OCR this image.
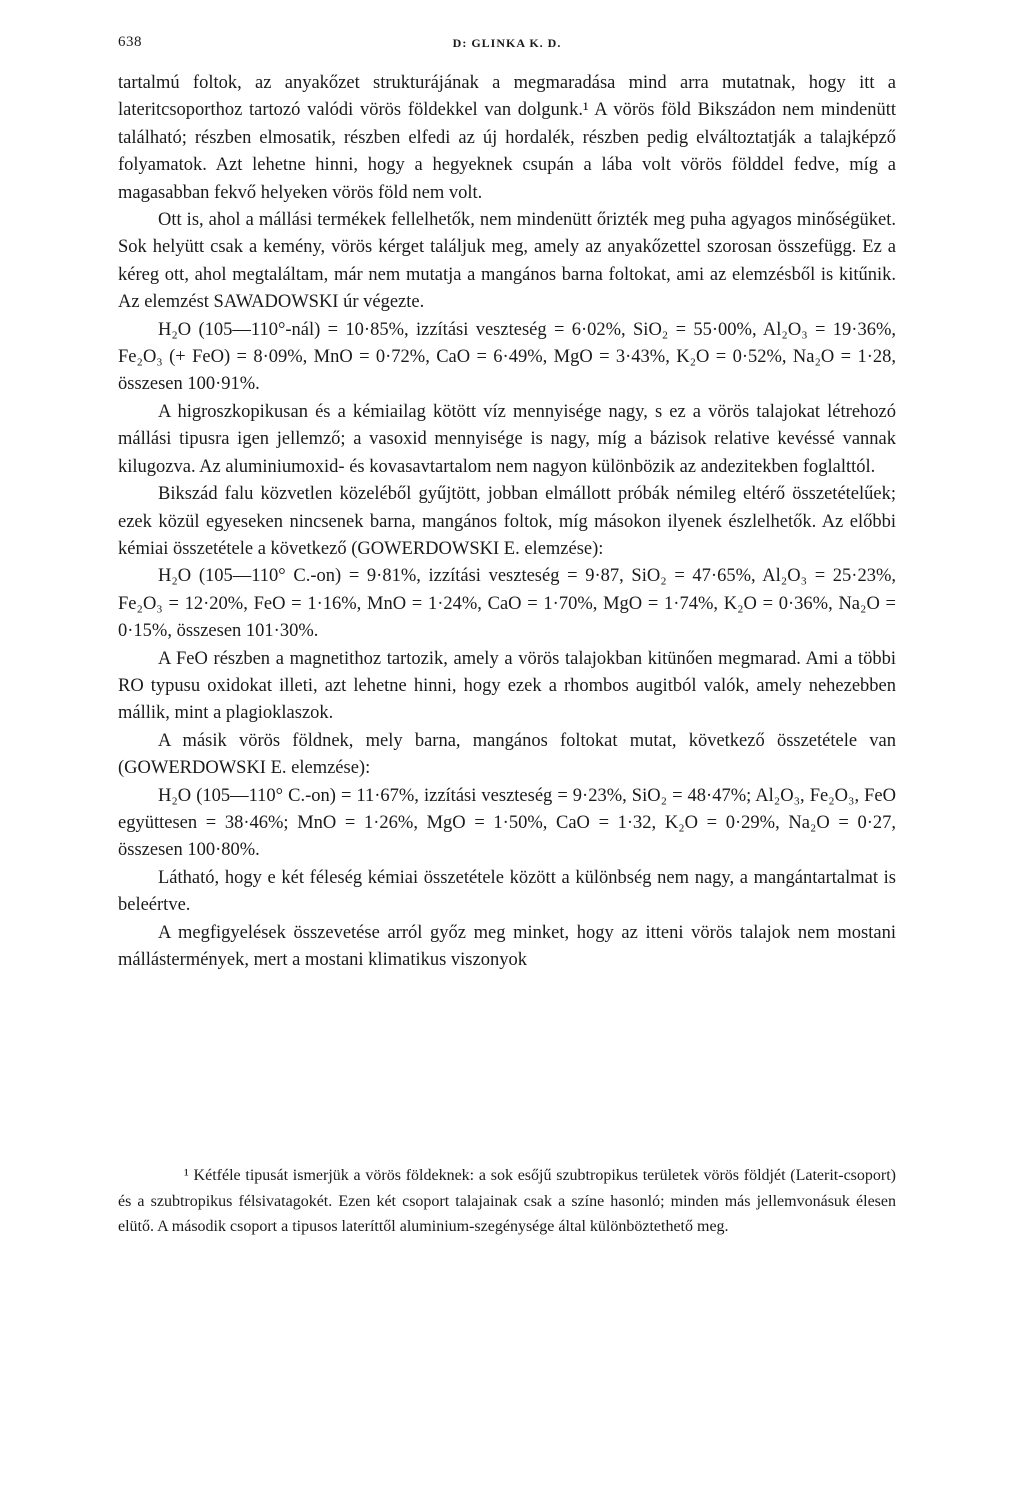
638	D: GLINKA K. D.

tartalmú foltok, az anyakőzet strukturájának a megmaradása mind arra mutatnak, hogy itt a lateritcsoporthoz tartozó valódi vörös földekkel van dolgunk.¹ A vörös föld Bikszádon nem mindenütt található; részben elmosatik, részben elfedi az új hordalék, részben pedig elváltoztatják a talajképző folyamatok. Azt lehetne hinni, hogy a hegyeknek csupán a lába volt vörös földdel fedve, míg a magasabban fekvő helyeken vörös föld nem volt.

Ott is, ahol a mállási termékek fellelhetők, nem mindenütt őrizték meg puha agyagos minőségüket. Sok helyütt csak a kemény, vörös kérget találjuk meg, amely az anyakőzettel szorosan összefügg. Ez a kéreg ott, ahol megtaláltam, már nem mutatja a mangános barna foltokat, ami az elemzésből is kitűnik. Az elemzést SAWADOWSKI úr végezte.

H₂O (105—110°-nál) = 10·85%, izzítási veszteség = 6·02%, SiO₂ = 55·00%, Al₂O₃ = 19·36%, Fe₂O₃ (+ FeO) = 8·09%, MnO = 0·72%, CaO = 6·49%, MgO = 3·43%, K₂O = 0·52%, Na₂O = 1·28, összesen 100·91%.

A higroszkopikusan és a kémiailag kötött víz mennyisége nagy, s ez a vörös talajokat létrehozó mállási tipusra igen jellemző; a vasoxid mennyisége is nagy, míg a bázisok relative kevéssé vannak kilugozva. Az aluminiumoxid- és kovasavtartalom nem nagyon különbözik az andezitekben foglalttól.

Bikszád falu közvetlen közeléből gyűjtött, jobban elmállott próbák némileg eltérő összetételűek; ezek közül egyeseken nincsenek barna, mangános foltok, míg másokon ilyenek észlelhetők. Az előbbi kémiai összetétele a következő (GOWERDOWSKI E. elemzése):

H₂O (105—110° C.-on) = 9·81%, izzítási veszteség = 9·87, SiO₂ = 47·65%, Al₂O₃ = 25·23%, Fe₂O₃ = 12·20%, FeO = 1·16%, MnO = 1·24%, CaO = 1·70%, MgO = 1·74%, K₂O = 0·36%, Na₂O = 0·15%, összesen 101·30%.

A FeO részben a magnetithoz tartozik, amely a vörös talajokban kitünően megmarad. Ami a többi RO typusu oxidokat illeti, azt lehetne hinni, hogy ezek a rhombos augitból valók, amely nehezebben mállik, mint a plagioklaszok.

A másik vörös földnek, mely barna, mangános foltokat mutat, következő összetétele van (GOWERDOWSKI E. elemzése):

H₂O (105—110° C.-on) = 11·67%, izzítási veszteség = 9·23%, SiO₂ = 48·47%; Al₂O₃, Fe₂O₃, FeO együttesen = 38·46%; MnO = 1·26%, MgO = 1·50%, CaO = 1·32, K₂O = 0·29%, Na₂O = 0·27, összesen 100·80%.

Látható, hogy e két féleség kémiai összetétele között a különbség nem nagy, a mangántartalmat is beleértve.

A megfigyelések összevetése arról győz meg minket, hogy az itteni vörös talajok nem mostani mállástermények, mert a mostani klimatikus viszonyok

¹ Kétféle tipusát ismerjük a vörös földeknek: a sok esőjű szubtropikus területek vörös földjét (Laterit-csoport) és a szubtropikus félsivatagokét. Ezen két csoport talajainak csak a színe hasonló; minden más jellemvonásuk élesen elütő. A második csoport a tipusos lateríttől aluminium-szegénysége által különböztethető meg.
